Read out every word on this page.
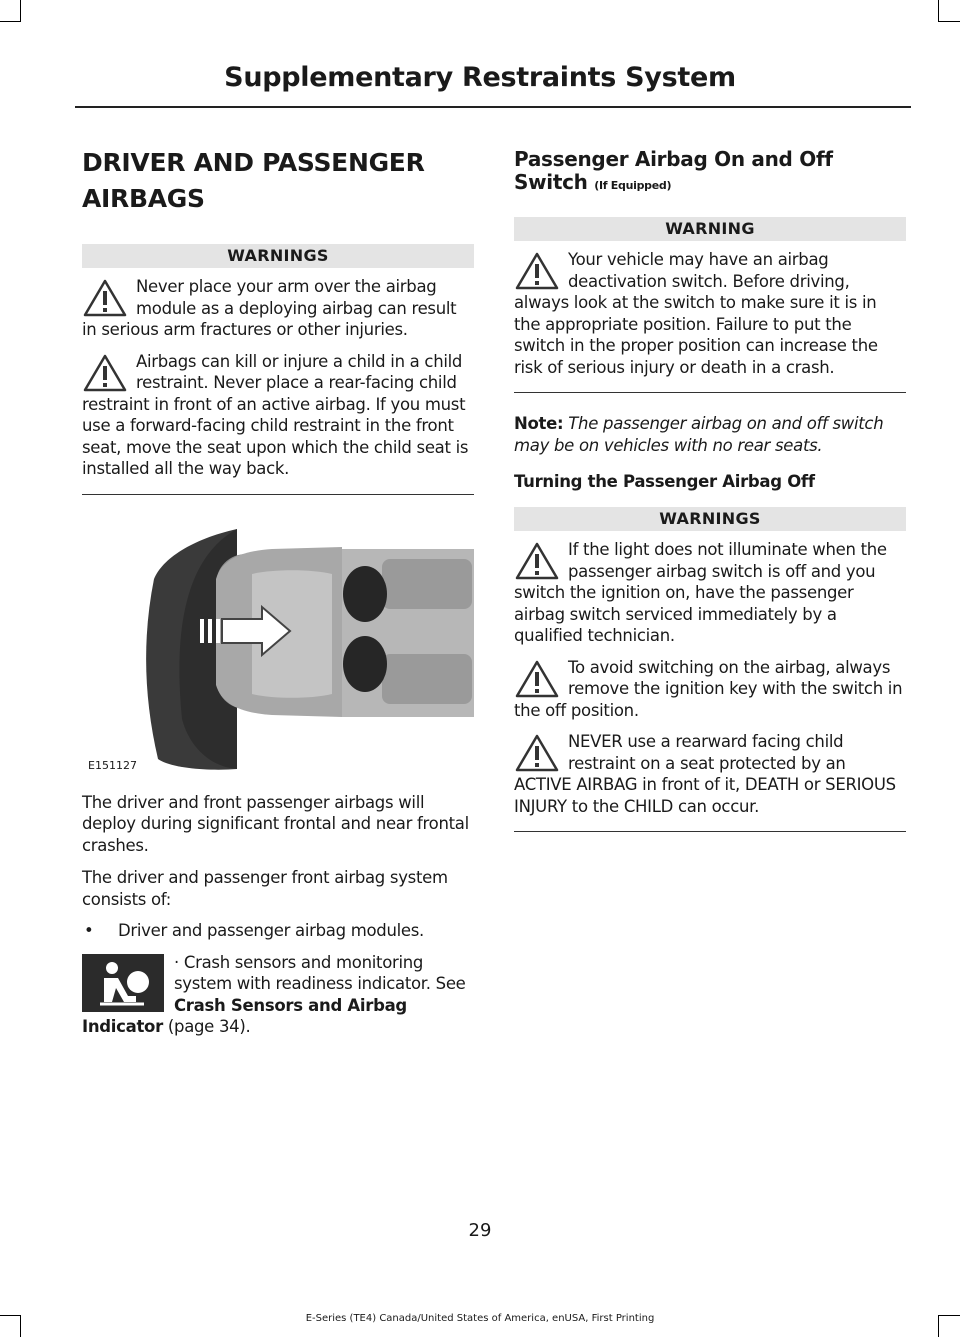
Supplementary Restraints System
DRIVER AND PASSENGER
AIRBAGS
WARNINGS
Never place your arm over the airbag module as a deploying airbag can result in serious arm fractures or other injuries.
Airbags can kill or injure a child in a child restraint. Never place a rear-facing child restraint in front of an active airbag. If you must use a forward-facing child restraint in the front seat, move the seat upon which the child seat is installed all the way back.
E151127

The driver and front passenger airbags will deploy during significant frontal and near frontal crashes.

The driver and passenger front airbag system consists of:

•	Driver and passenger airbag modules.
· Crash sensors and monitoring system with readiness indicator. See Crash Sensors and Airbag Indicator (page 34).
Passenger Airbag On and Off Switch (If Equipped)
WARNING
Your vehicle may have an airbag deactivation switch. Before driving, always look at the switch to make sure it is in the appropriate position. Failure to put the switch in the proper position can increase the risk of serious injury or death in a crash.

Note: The passenger airbag on and off switch may be on vehicles with no rear seats.

Turning the Passenger Airbag Off
WARNINGS
If the light does not illuminate when the passenger airbag switch is off and you switch the ignition on, have the passenger airbag switch serviced immediately by a qualified technician.
To avoid switching on the airbag, always remove the ignition key with the switch in the off position.
NEVER use a rearward facing child restraint on a seat protected by an ACTIVE AIRBAG in front of it, DEATH or SERIOUS INJURY to the CHILD can occur.
29
E-Series (TE4) Canada/United States of America, enUSA, First Printing
